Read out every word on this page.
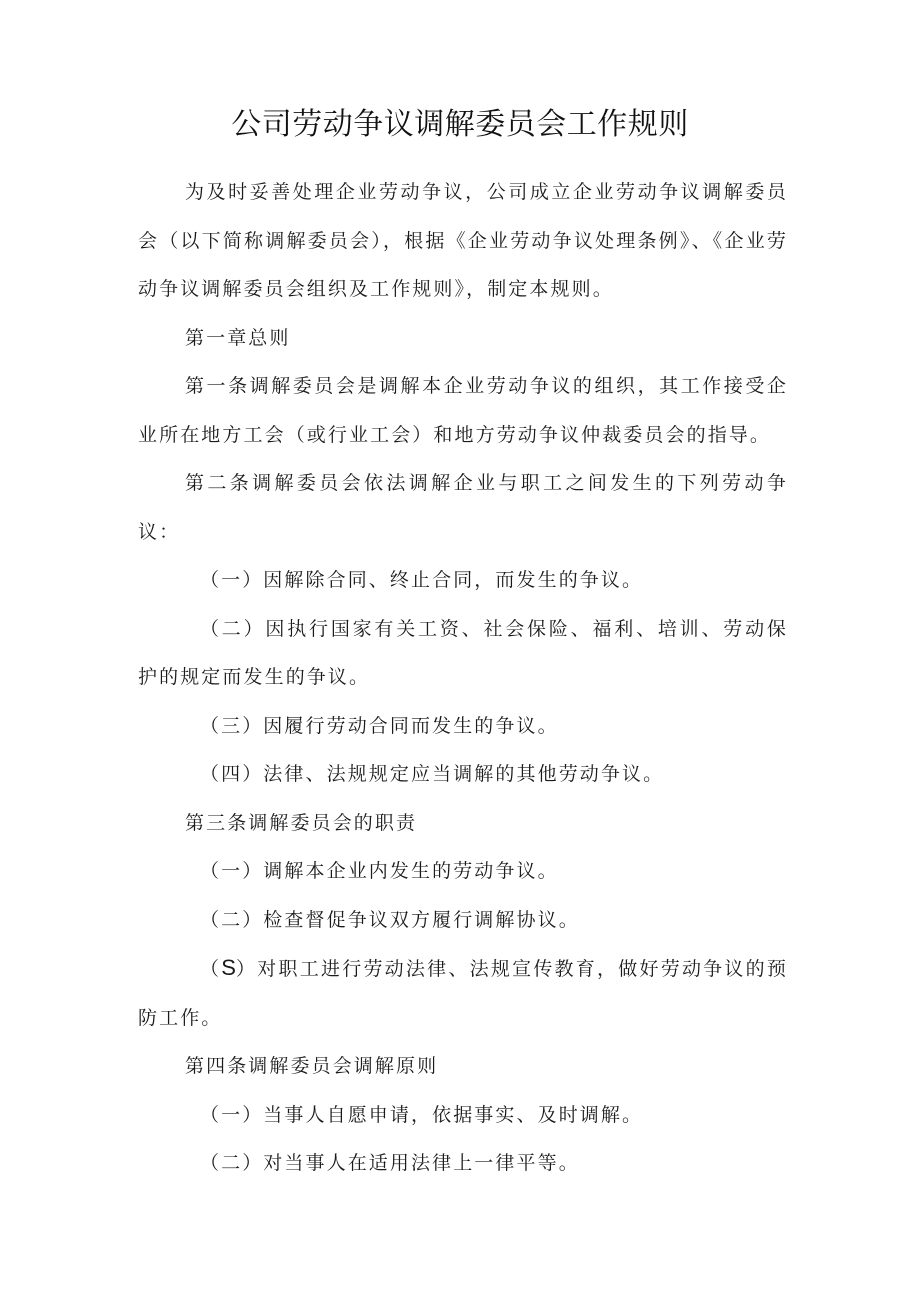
公司劳动争议调解委员会工作规则

为及时妥善处理企业劳动争议，公司成立企业劳动争议调解委员会（以下简称调解委员会），根据《企业劳动争议处理条例》、《企业劳动争议调解委员会组织及工作规则》，制定本规则。

第一章总则

第一条调解委员会是调解本企业劳动争议的组织，其工作接受企业所在地方工会（或行业工会）和地方劳动争议仲裁委员会的指导。

第二条调解委员会依法调解企业与职工之间发生的下列劳动争议：

（一）因解除合同、终止合同，而发生的争议。

（二）因执行国家有关工资、社会保险、福利、培训、劳动保护的规定而发生的争议。

（三）因履行劳动合同而发生的争议。

（四）法律、法规规定应当调解的其他劳动争议。

第三条调解委员会的职责

（一）调解本企业内发生的劳动争议。

（二）检查督促争议双方履行调解协议。

（S）对职工进行劳动法律、法规宣传教育，做好劳动争议的预防工作。

第四条调解委员会调解原则

（一）当事人自愿申请，依据事实、及时调解。

（二）对当事人在适用法律上一律平等。
